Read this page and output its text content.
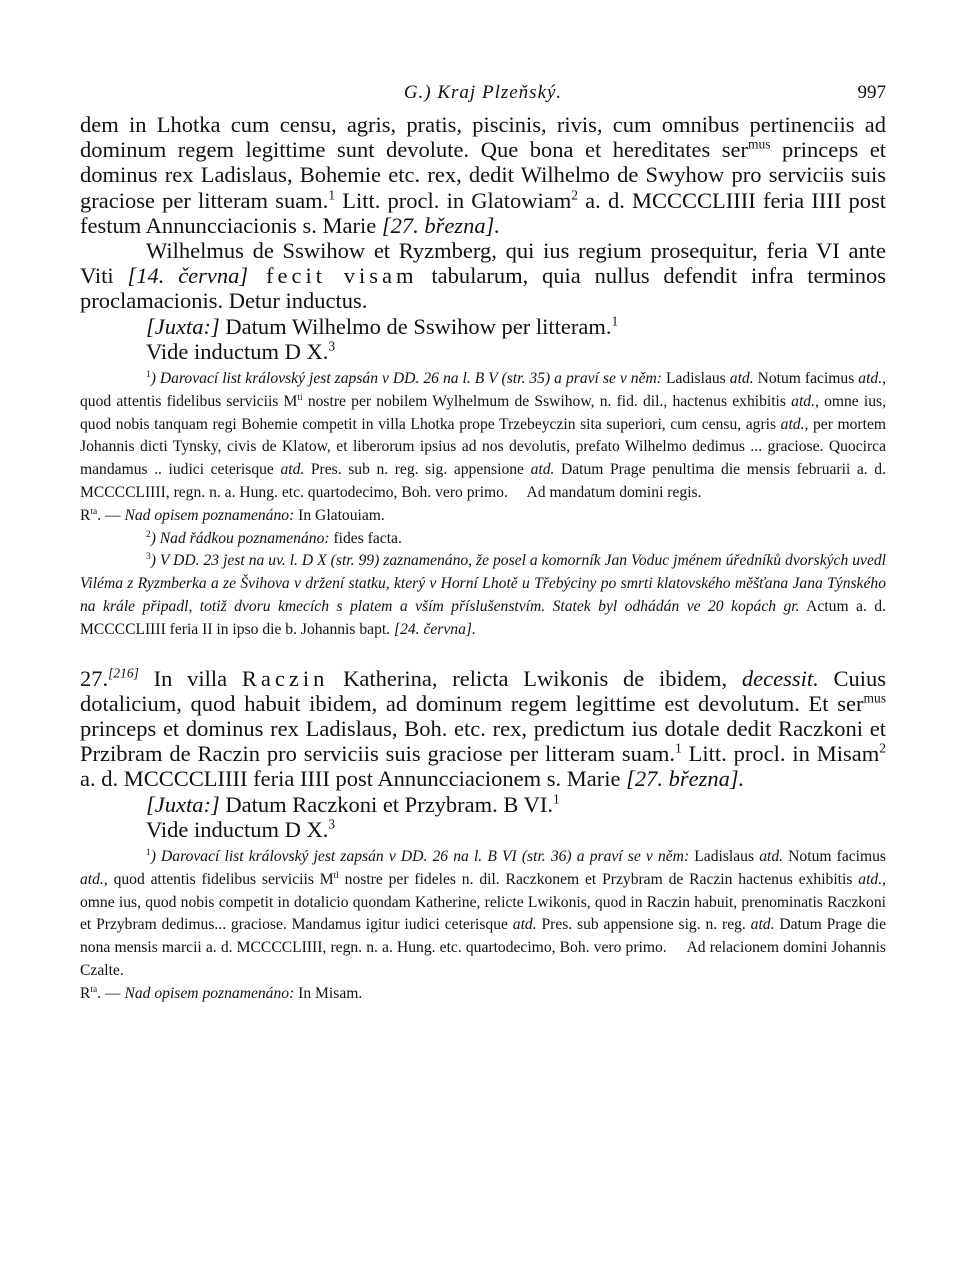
G.) Kraj Plzeňský.	997

dem in Lhotka cum censu, agris, pratis, piscinis, rivis, cum omnibus pertinenciis ad dominum regem legittime sunt devolute. Que bona et hereditates ser$^{mus}$ princeps et dominus rex Ladislaus, Bohemie etc. rex, dedit Wilhelmo de Swyhow pro serviciis suis graciose per litteram suam.$^1$ Litt. procl. in Glatowiam$^2$ a. d. MCCCCLIIII feria IIII post festum Annuncciacionis s. Marie [27. března].

Wilhelmus de Sswihow et Ryzmberg, qui ius regium prosequitur, feria VI ante Viti [14. června] fecit visam tabularum, quia nullus defendit infra terminos proclamacionis. Detur inductus.

[Juxta:] Datum Wilhelmo de Sswihow per litteram.$^1$

Vide inductum D X.$^3$

$^1$) Darovací list královský jest zapsán v DD. 26 na l. B V (str. 35) a praví se v něm: Ladislaus atd. Notum facimus atd., quod attentis fidelibus serviciis $M^{ti}$ nostre per nobilem Wylhelmum de Sswihow, n. fid. dil., hactenus exhibitis atd., omne ius, quod nobis tanquam regi Bohemie competit in villa Lhotka prope Trzebeyczin sita superiori, cum censu, agris atd., per mortem Johannis dicti Tynsky, civis de Klatow, et liberorum ipsius ad nos devolutis, prefato Wilhelmo dedimus ... graciose. Quocirca mandamus .. iudici ceterisque atd. Pres. sub n. reg. sig. appensione atd. Datum Prage penultima die mensis februarii a. d. MCCCCLIIII, regn. n. a. Hung. etc. quartodecimo, Boh. vero primo. Ad mandatum domini regis.
$R^{ta}$. — Nad opisem poznamenáno: In Glatouiam.

$^2$) Nad řádkou poznamenáno: fides facta.

$^3$) V DD. 23 jest na uv. l. D X (str. 99) zaznamenáno, že posel a komorník Jan Voduc jménem úředníků dvorských uvedl Viléma z Ryzmberka a ze Švihova v držení statku, který v Horní Lhotě u Třebýciny po smrti klatovského měšťana Jana Týnského na krále připadl, totiž dvoru kmecích s platem a vším příslušenstvím. Statek byl odhádán ve 20 kopách gr. Actum a. d. MCCCCLIIII feria II in ipso die b. Johannis bapt. [24. června].

27.[216] In villa Raczin Katherina, relicta Lwikonis de ibidem, decessit. Cuius dotalicium, quod habuit ibidem, ad dominum regem legittime est devolutum. Et ser$^{mus}$ princeps et dominus rex Ladislaus, Boh. etc. rex, predictum ius dotale dedit Raczkoni et Przibram de Raczin pro serviciis suis graciose per litteram suam.$^1$ Litt. procl. in Misam$^2$ a. d. MCCCCLIIII feria IIII post Annuncciacionem s. Marie [27. března].

[Juxta:] Datum Raczkoni et Przybram. B VI.$^1$

Vide inductum D X.$^3$

$^1$) Darovací list královský jest zapsán v DD. 26 na l. B VI (str. 36) a praví se v něm: Ladislaus atd. Notum facimus atd., quod attentis fidelibus serviciis $M^{tl}$ nostre per fideles n. dil. Raczkonem et Przybram de Raczin hactenus exhibitis atd., omne ius, quod nobis competit in dotalicio quondam Katherine, relicte Lwikonis, quod in Raczin habuit, prenominatis Raczkoni et Przybram dedimus... graciose. Mandamus igitur iudici ceterisque atd. Pres. sub appensione sig. n. reg. atd. Datum Prage die nona mensis marcii a. d. MCCCCLIIII, regn. n. a. Hung. etc. quartodecimo, Boh. vero primo. Ad relacionem domini Johannis Czalte.
$R^{ta}$. — Nad opisem poznamenáno: In Misam.
